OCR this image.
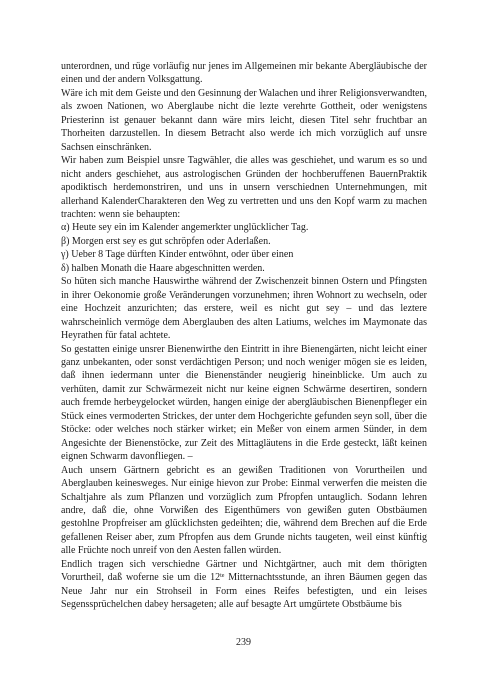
unterordnen, und rüge vorläufig nur jenes im Allgemeinen mir bekante Abergläubische der einen und der andern Volksgattung.

Wäre ich mit dem Geiste und den Gesinnung der Walachen und ihrer Religionsverwandten, als zwoen Nationen, wo Aberglaube nicht die lezte verehrte Gottheit, oder wenigstens Priesterinn ist genauer bekannt dann wäre mirs leicht, diesen Titel sehr fruchtbar an Thorheiten darzustellen. In diesem Betracht also werde ich mich vorzüglich auf unsre Sachsen einschränken.

Wir haben zum Beispiel unsre Tagwähler, die alles was geschiehet, und warum es so und nicht anders geschiehet, aus astrologischen Gründen der hochberuffenen BauernPraktik apodiktisch herdemonstriren, und uns in unsern verschiednen Unternehmungen, mit allerhand KalenderCharakteren den Weg zu vertretten und uns den Kopf warm zu machen trachten: wenn sie behaupten:

α) Heute sey ein im Kalender angemerkter unglücklicher Tag.

β) Morgen erst sey es gut schröpfen oder Aderlaßen.

γ) Ueber 8 Tage dürften Kinder entwöhnt, oder über einen

δ) halben Monath die Haare abgeschnitten werden.

So hüten sich manche Hauswirthe während der Zwischenzeit binnen Ostern und Pfingsten in ihrer Oekonomie große Veränderungen vorzunehmen; ihren Wohnort zu wechseln, oder eine Hochzeit anzurichten; das erstere, weil es nicht gut sey – und das leztere wahrscheinlich vermöge dem Aberglauben des alten Latiums, welches im Maymonate das Heyrathen für fatal achtete.

So gestatten einige unsrer Bienenwirthe den Eintritt in ihre Bienengärten, nicht leicht einer ganz unbekanten, oder sonst verdächtigen Person; und noch weniger mögen sie es leiden, daß ihnen iedermann unter die Bienenständer neugierig hineinblicke. Um auch zu verhüten, damit zur Schwärmezeit nicht nur keine eignen Schwärme desertiren, sondern auch fremde herbeygelocket würden, hangen einige der abergläubischen Bienenpfleger ein Stück eines vermoderten Strickes, der unter dem Hochgerichte gefunden seyn soll, über die Stöcke: oder welches noch stärker wirket; ein Meßer von einem armen Sünder, in dem Angesichte der Bienenstöcke, zur Zeit des Mittagläutens in die Erde gesteckt, läßt keinen eignen Schwarm davonfliegen. –

Auch unsern Gärtnern gebricht es an gewißen Traditionen von Vorurtheilen und Aberglauben keinesweges. Nur einige hievon zur Probe: Einmal verwerfen die meisten die Schaltjahre als zum Pflanzen und vorzüglich zum Pfropfen untauglich. Sodann lehren andre, daß die, ohne Vorwißen des Eigenthümers von gewißen guten Obstbäumen gestohlne Propfreiser am glücklichsten gedeihten; die, während dem Brechen auf die Erde gefallenen Reiser aber, zum Pfropfen aus dem Grunde nichts taugeten, weil einst künftig alle Früchte noch unreif von den Aesten fallen würden.

Endlich tragen sich verschiedne Gärtner und Nichtgärtner, auch mit dem thörigten Vorurtheil, daß woferne sie um die $12^{te}$ Mitternachtsstunde, an ihren Bäumen gegen das Neue Jahr nur ein Strohseil in Form eines Reifes befestigten, und ein leises Segenssprüchelchen dabey hersageten; alle auf besagte Art umgürtete Obstbäume bis

239
